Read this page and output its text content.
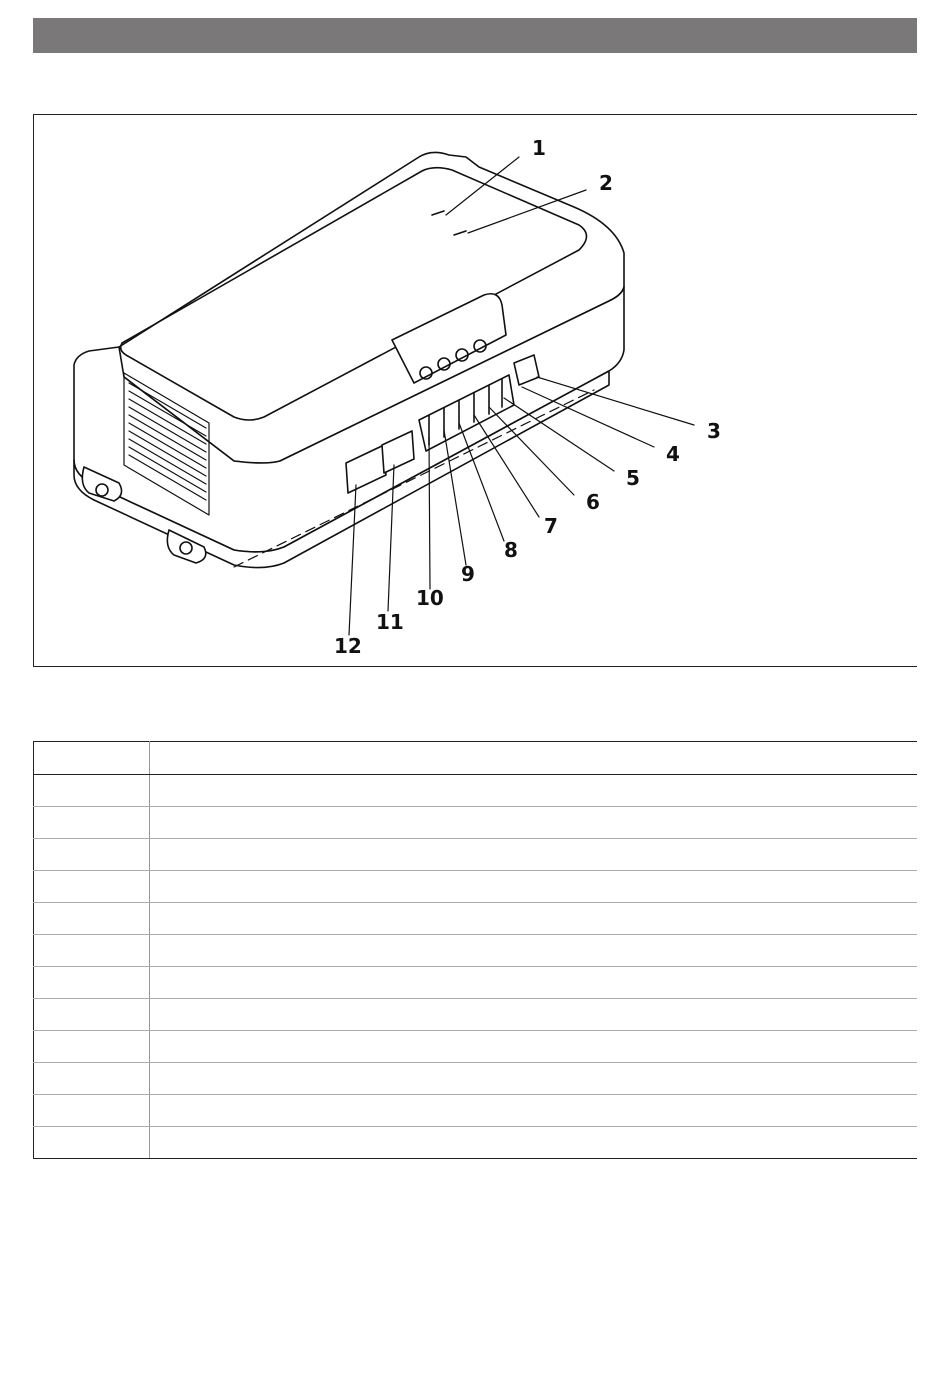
1
2
3
4
5
6
7
8
9
10
11
12
